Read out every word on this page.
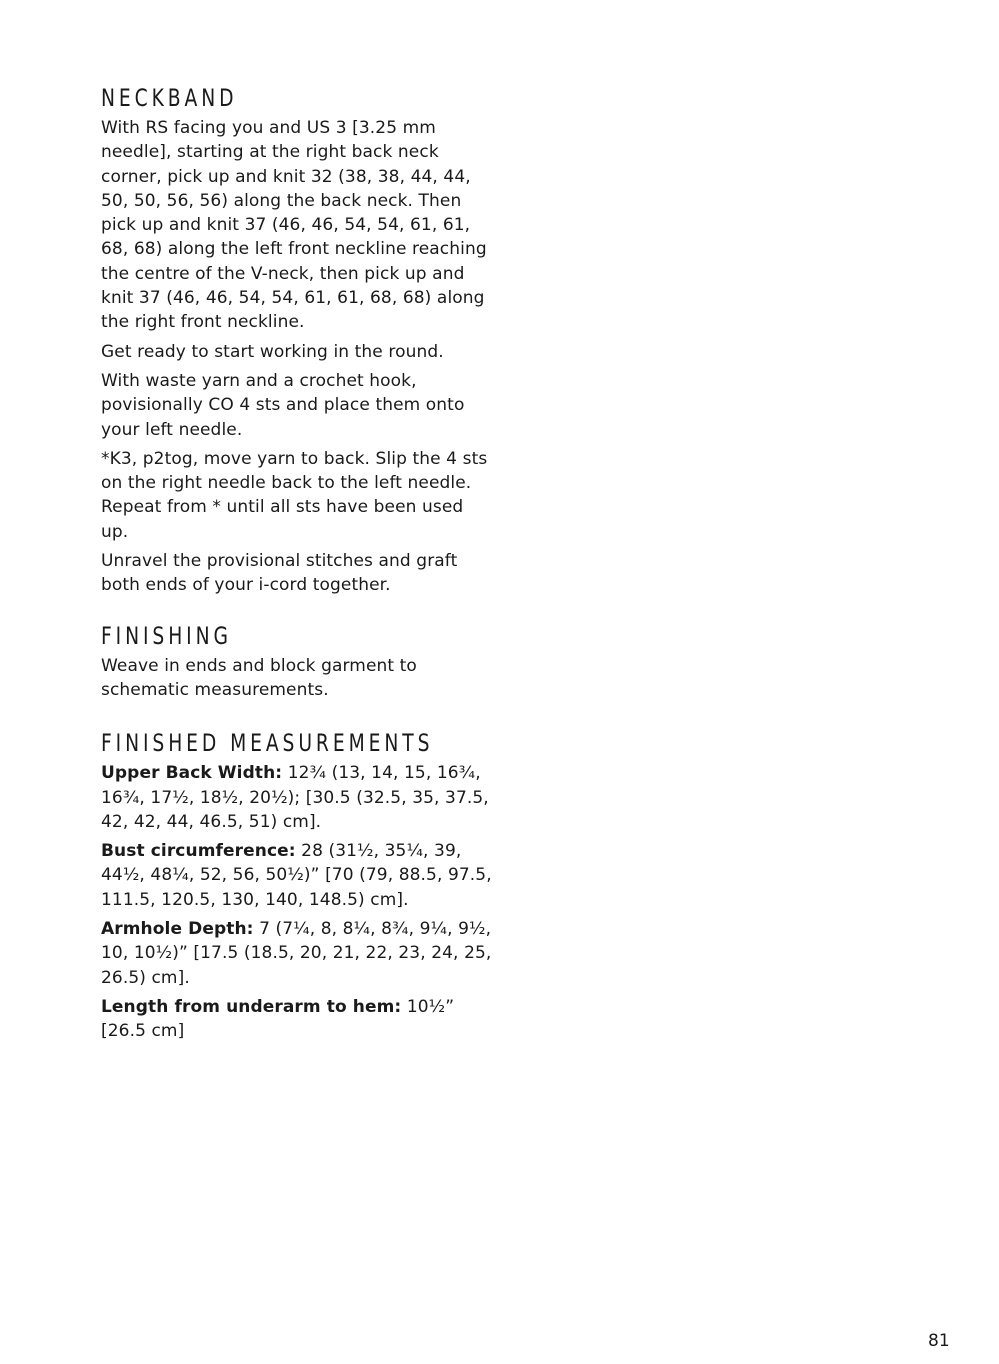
NECKBAND

With RS facing you and US 3 [3.25 mm needle], starting at the right back neck corner, pick up and knit 32 (38, 38, 44, 44, 50, 50, 56, 56) along the back neck. Then pick up and knit 37 (46, 46, 54, 54, 61, 61, 68, 68) along the left front neckline reaching the centre of the V-neck, then pick up and knit 37 (46, 46, 54, 54, 61, 61, 68, 68) along the right front neckline.

Get ready to start working in the round.

With waste yarn and a crochet hook, povisionally CO 4 sts and place them onto your left needle.

*K3, p2tog, move yarn to back. Slip the 4 sts on the right needle back to the left needle. Repeat from * until all sts have been used up.

Unravel the provisional stitches and graft both ends of your i-cord together.

FINISHING

Weave in ends and block garment to schematic measurements.

FINISHED MEASUREMENTS

Upper Back Width: 12¾ (13, 14, 15, 16¾, 16¾, 17½, 18½, 20½); [30.5 (32.5, 35, 37.5, 42, 42, 44, 46.5, 51) cm].

Bust circumference: 28 (31½, 35¼, 39, 44½, 48¼, 52, 56, 50½)” [70 (79, 88.5, 97.5, 111.5, 120.5, 130, 140, 148.5) cm].

Armhole Depth: 7 (7¼, 8, 8¼, 8¾, 9¼, 9½, 10, 10½)” [17.5 (18.5, 20, 21, 22, 23, 24, 25, 26.5) cm].

Length from underarm to hem: 10½” [26.5 cm]

81
